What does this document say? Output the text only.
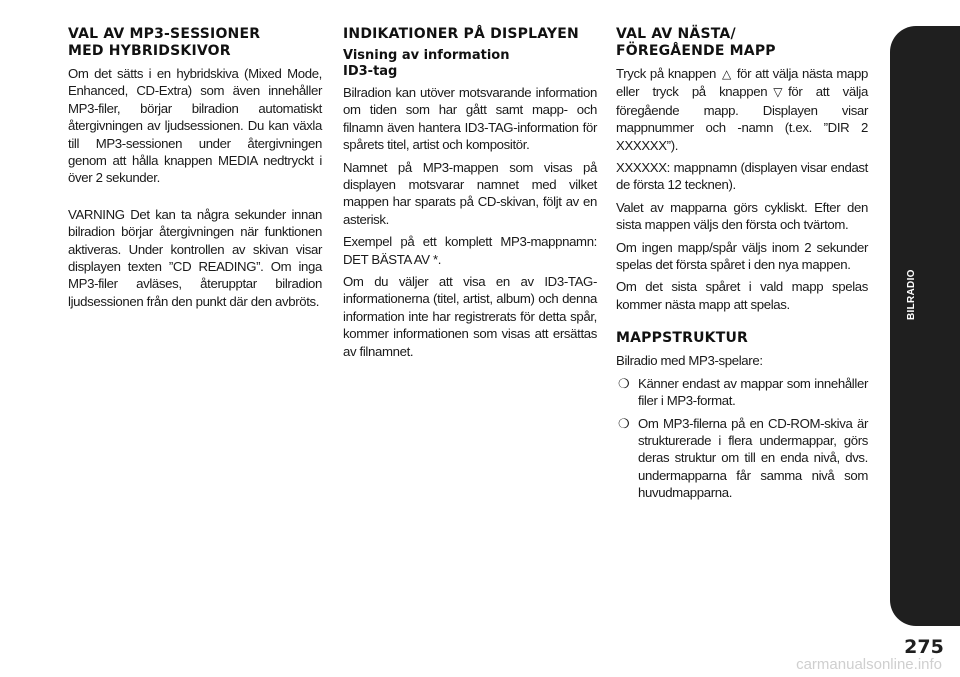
VAL AV MP3-SESSIONER
MED HYBRIDSKIVOR

Om det sätts i en hybridskiva (Mixed Mode, Enhanced, CD-Extra) som även innehåller MP3-filer, börjar bilradion automatiskt återgivningen av ljudsessionen. Du kan växla till MP3-sessionen under återgivningen genom att hålla knappen MEDIA nedtryckt i över 2 sekunder.

VARNING Det kan ta några sekunder innan bilradion börjar återgivningen när funktionen aktiveras. Under kontrollen av skivan visar displayen texten ”CD READING”. Om inga MP3-filer avläses, återupptar bilradion ljudsessionen från den punkt där den avbröts.

INDIKATIONER PÅ DISPLAYEN
Visning av information
ID3-tag

Bilradion kan utöver motsvarande information om tiden som har gått samt mapp- och filnamn även hantera ID3-TAG-information för spårets titel, artist och kompositör.

Namnet på MP3-mappen som visas på displayen motsvarar namnet med vilket mappen har sparats på CD-skivan, följt av en asterisk.

Exempel på ett komplett MP3-mappnamn: DET BÄSTA AV *.

Om du väljer att visa en av ID3-TAG-informationerna (titel, artist, album) och denna information inte har registrerats för detta spår, kommer informationen som visas att ersättas av filnamnet.

VAL AV NÄSTA/
FÖREGÅENDE MAPP

Tryck på knappen △ för att välja nästa mapp eller tryck på knappen ▽ för att välja föregående mapp. Displayen visar mappnummer och -namn (t.ex. ”DIR 2 XXXXXX”).

XXXXXX: mappnamn (displayen visar endast de första 12 tecknen).

Valet av mapparna görs cykliskt. Efter den sista mappen väljs den första och tvärtom.

Om ingen mapp/spår väljs inom 2 sekunder spelas det första spåret i den nya mappen.

Om det sista spåret i vald mapp spelas kommer nästa mapp att spelas.

MAPPSTRUKTUR

Bilradio med MP3-spelare:

❍ Känner endast av mappar som innehåller filer i MP3-format.
❍ Om MP3-filerna på en CD-ROM-skiva är strukturerade i flera undermappar, görs deras struktur om till en enda nivå, dvs. undermapparna får samma nivå som huvudmapparna.
BILRADIO
275
carmanualsonline.info
